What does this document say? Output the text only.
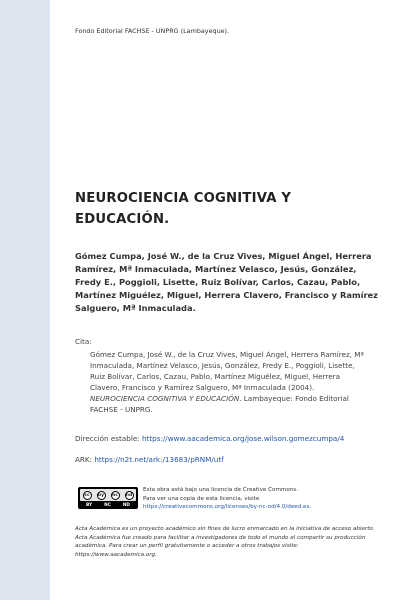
Fondo Editorial FACHSE - UNPRG (Lambayeque).
NEUROCIENCIA COGNITIVA Y EDUCACIÓN.
Gómez Cumpa, José W., de la Cruz Vives, Miguel Ángel, Herrera Ramírez, Mª Inmaculada, Martínez Velasco, Jesús, González, Fredy E., Poggioli, Lisette, Ruiz Bolívar, Carlos, Cazau, Pablo, Martínez Miguélez, Miguel, Herrera Clavero, Francisco y Ramírez Salguero, Mª Inmaculada.
Cita:
Gómez Cumpa, José W., de la Cruz Vives, Miguel Ángel, Herrera Ramírez, Mª Inmaculada, Martínez Velasco, Jesús, González, Fredy E., Poggioli, Lisette, Ruiz Bolívar, Carlos, Cazau, Pablo, Martínez Miguélez, Miguel, Herrera Clavero, Francisco y Ramírez Salguero, Mª Inmaculada (2004). NEUROCIENCIA COGNITIVA Y EDUCACIÓN. Lambayeque: Fondo Editorial FACHSE - UNPRG.
Dirección estable: https://www.aacademica.org/jose.wilson.gomezcumpa/4
ARK: https://n2t.net/ark:/13683/pRNM/utf
cc	by	nc	nd
BY	NC	ND
Esta obra está bajo una licencia de Creative Commons.
Para ver una copia de esta licencia, visite
https://creativecommons.org/licenses/by-nc-nd/4.0/deed.es.
Acta Académica es un proyecto académico sin fines de lucro enmarcado en la iniciativa de acceso abierto. Acta Académica fue creado para facilitar a investigadores de todo el mundo el compartir su producción académica. Para crear un perfil gratuitamente o acceder a otros trabajos visite: https://www.aacademica.org.
